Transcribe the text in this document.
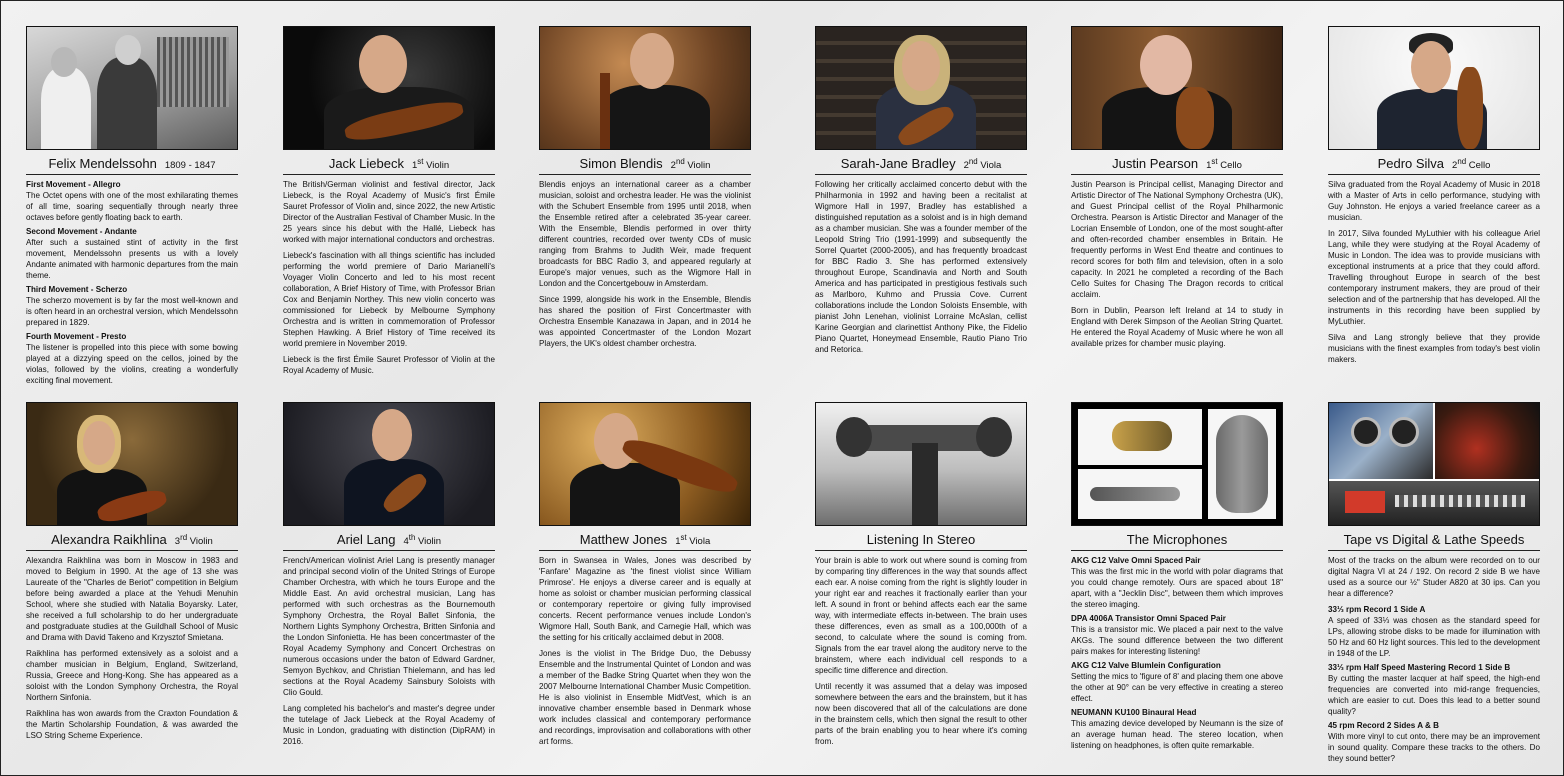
Felix Mendelssohn 1809 - 1847
First Movement - Allegro
The Octet opens with one of the most exhilarating themes of all time, soaring sequentially through nearly three octaves before gently floating back to earth.
Second Movement - Andante
After such a sustained stint of activity in the first movement, Mendelssohn presents us with a lovely Andante animated with harmonic departures from the main theme.
Third Movement - Scherzo
The scherzo movement is by far the most well-known and is often heard in an orchestral version, which Mendelssohn prepared in 1829.
Fourth Movement - Presto
The listener is propelled into this piece with some bowing played at a dizzying speed on the cellos, joined by the violas, followed by the violins, creating a wonderfully exciting final movement.
Jack Liebeck 1st Violin

The British/German violinist and festival director, Jack Liebeck, is the Royal Academy of Music's first Émile Sauret Professor of Violin and, since 2022, the new Artistic Director of the Australian Festival of Chamber Music. In the 25 years since his debut with the Hallé, Liebeck has worked with major international conductors and orchestras.

Liebeck's fascination with all things scientific has included performing the world premiere of Dario Marianelli's Voyager Violin Concerto and led to his most recent collaboration, A Brief History of Time, with Professor Brian Cox and Benjamin Northey. This new violin concerto was commissioned for Liebeck by Melbourne Symphony Orchestra and is written in commemoration of Professor Stephen Hawking. A Brief History of Time received its world premiere in November 2019.

Liebeck is the first Émile Sauret Professor of Violin at the Royal Academy of Music.

Simon Blendis 2nd Violin

Blendis enjoys an international career as a chamber musician, soloist and orchestra leader. He was the violinist with the Schubert Ensemble from 1995 until 2018, when the Ensemble retired after a celebrated 35-year career. With the Ensemble, Blendis performed in over thirty different countries, recorded over twenty CDs of music ranging from Brahms to Judith Weir, made frequent broadcasts for BBC Radio 3, and appeared regularly at Europe's major venues, such as the Wigmore Hall in London and the Concertgebouw in Amsterdam.

Since 1999, alongside his work in the Ensemble, Blendis has shared the position of First Concertmaster with Orchestra Ensemble Kanazawa in Japan, and in 2014 he was appointed Concertmaster of the London Mozart Players, the UK's oldest chamber orchestra.

Sarah-Jane Bradley 2nd Viola

Following her critically acclaimed concerto debut with the Philharmonia in 1992 and having been a recitalist at Wigmore Hall in 1997, Bradley has established a distinguished reputation as a soloist and is in high demand as a chamber musician. She was a founder member of the Leopold String Trio (1991-1999) and subsequently the Sorrel Quartet (2000-2005), and has frequently broadcast for BBC Radio 3. She has performed extensively throughout Europe, Scandinavia and North and South America and has participated in prestigious festivals such as Marlboro, Kuhmo and Prussia Cove. Current collaborations include the London Soloists Ensemble, with pianist John Lenehan, violinist Lorraine McAslan, cellist Karine Georgian and clarinettist Anthony Pike, the Fidelio Piano Quartet, Honeymead Ensemble, Rautio Piano Trio and Retorica.

Justin Pearson 1st Cello

Justin Pearson is Principal cellist, Managing Director and Artistic Director of The National Symphony Orchestra (UK), and Guest Principal cellist of the Royal Philharmonic Orchestra. Pearson is Artistic Director and Manager of the Locrian Ensemble of London, one of the most sought-after and often-recorded chamber ensembles in Britain. He frequently performs in West End theatre and continues to record scores for both film and television, often in a solo capacity. In 2021 he completed a recording of the Bach Cello Suites for Chasing The Dragon records to critical acclaim.

Born in Dublin, Pearson left Ireland at 14 to study in England with Derek Simpson of the Aeolian String Quartet. He entered the Royal Academy of Music where he won all available prizes for chamber music playing.

Pedro Silva 2nd Cello

Silva graduated from the Royal Academy of Music in 2018 with a Master of Arts in cello performance, studying with Guy Johnston. He enjoys a varied freelance career as a musician.

In 2017, Silva founded MyLuthier with his colleague Ariel Lang, while they were studying at the Royal Academy of Music in London. The idea was to provide musicians with exceptional instruments at a price that they could afford. Travelling throughout Europe in search of the best contemporary instrument makers, they are proud of their selection and of the partnership that has developed. All the instruments in this recording have been supplied by MyLuthier.

Silva and Lang strongly believe that they provide musicians with the finest examples from today's best violin makers.

Alexandra Raikhlina 3rd Violin

Alexandra Raikhlina was born in Moscow in 1983 and moved to Belgium in 1990. At the age of 13 she was Laureate of the "Charles de Beriot" competition in Belgium before being awarded a place at the Yehudi Menuhin School, where she studied with Natalia Boyarsky. Later, she received a full scholarship to do her undergraduate and postgraduate studies at the Guildhall School of Music and Drama with David Takeno and Krzysztof Smietana.

Raikhlina has performed extensively as a soloist and a chamber musician in Belgium, England, Switzerland, Russia, Greece and Hong-Kong. She has appeared as a soloist with the London Symphony Orchestra, the Royal Northern Sinfonia.

Raikhlina has won awards from the Craxton Foundation & the Martin Scholarship Foundation, & was awarded the LSO String Scheme Experience.

Ariel Lang 4th Violin

French/American violinist Ariel Lang is presently manager and principal second violin of the United Strings of Europe Chamber Orchestra, with which he tours Europe and the Middle East. An avid orchestral musician, Lang has performed with such orchestras as the Bournemouth Symphony Orchestra, the Royal Ballet Sinfonia, the Northern Lights Symphony Orchestra, Britten Sinfonia and the London Sinfonietta. He has been concertmaster of the Royal Academy Symphony and Concert Orchestras on numerous occasions under the baton of Edward Gardner, Semyon Bychkov, and Christian Thielemann, and has led sections at the Royal Academy Sainsbury Soloists with Clio Gould.

Lang completed his bachelor's and master's degree under the tutelage of Jack Liebeck at the Royal Academy of Music in London, graduating with distinction (DipRAM) in 2016.

Matthew Jones 1st Viola

Born in Swansea in Wales, Jones was described by 'Fanfare' Magazine as 'the finest violist since William Primrose'. He enjoys a diverse career and is equally at home as soloist or chamber musician performing classical or contemporary repertoire or giving fully improvised concerts. Recent performance venues include London's Wigmore Hall, South Bank, and Carnegie Hall, which was the setting for his critically acclaimed debut in 2008.

Jones is the violist in The Bridge Duo, the Debussy Ensemble and the Instrumental Quintet of London and was a member of the Badke String Quartet when they won the 2007 Melbourne International Chamber Music Competition. He is also violinist in Ensemble MidtVest, which is an innovative chamber ensemble based in Denmark whose work includes classical and contemporary performance and recordings, improvisation and collaborations with other art forms.

Listening In Stereo

Your brain is able to work out where sound is coming from by comparing tiny differences in the way that sounds affect each ear. A noise coming from the right is slightly louder in your right ear and reaches it fractionally earlier than your left. A sound in front or behind affects each ear the same way, with intermediate effects in-between. The brain uses these differences, even as small as a 100,000th of a second, to calculate where the sound is coming from. Signals from the ear travel along the auditory nerve to the brainstem, where each individual cell responds to a specific time difference and direction.

Until recently it was assumed that a delay was imposed somewhere between the ears and the brainstem, but it has now been discovered that all of the calculations are done in the brainstem cells, which then signal the result to other parts of the brain enabling you to hear where it's coming from.

The Microphones
AKG C12 Valve Omni Spaced Pair
This was the first mic in the world with polar diagrams that you could change remotely. Ours are spaced about 18" apart, with a "Jecklin Disc", between them which improves the stereo imaging.
DPA 4006A Transistor Omni Spaced Pair
This is a transistor mic. We placed a pair next to the valve AKGs. The sound difference between the two different pairs makes for interesting listening!
AKG C12 Valve Blumlein Configuration
Setting the mics to 'figure of 8' and placing them one above the other at 90° can be very effective in creating a stereo effect.
NEUMANN KU100 Binaural Head
This amazing device developed by Neumann is the size of an average human head. The stereo location, when listening on headphones, is often quite remarkable.
Tape vs Digital & Lathe Speeds

Most of the tracks on the album were recorded on to our digital Nagra VI at 24 / 192. On record 2 side B we have used as a source our ½" Studer A820 at 30 ips. Can you hear a difference?

33⅓ rpm Record 1 Side A
A speed of 33⅓ was chosen as the standard speed for LPs, allowing strobe disks to be made for illumination with 50 Hz and 60 Hz light sources. This led to the development in 1948 of the LP.
33⅓ rpm Half Speed Mastering Record 1 Side B
By cutting the master lacquer at half speed, the high-end frequencies are converted into mid-range frequencies, which are easier to cut. Does this lead to a better sound quality?
45 rpm Record 2 Sides A & B
With more vinyl to cut onto, there may be an improvement in sound quality. Compare these tracks to the others. Do they sound better?
